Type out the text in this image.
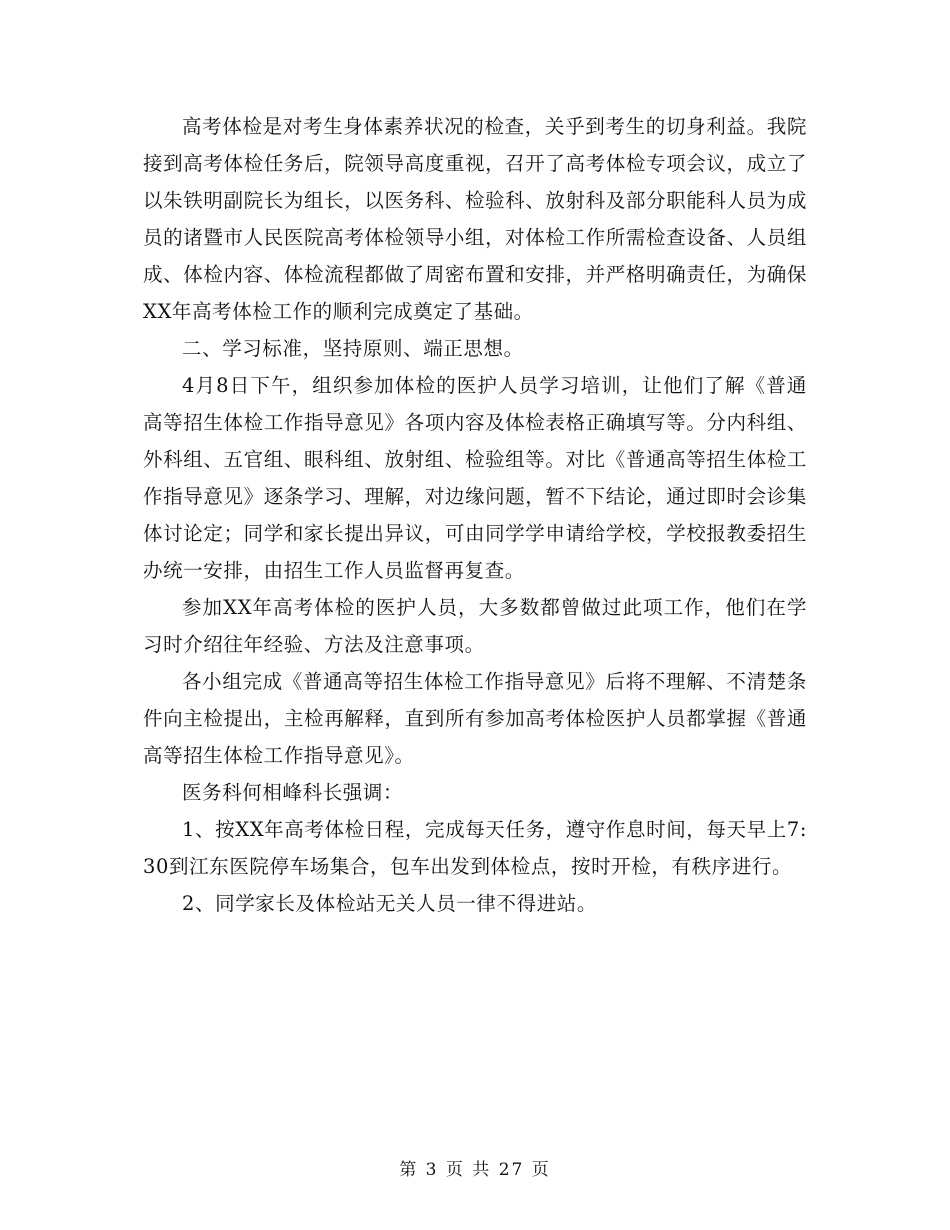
高考体检是对考生身体素养状况的检查，关乎到考生的切身利益。我院接到高考体检任务后，院领导高度重视，召开了高考体检专项会议，成立了以朱铁明副院长为组长，以医务科、检验科、放射科及部分职能科人员为成员的诸暨市人民医院高考体检领导小组，对体检工作所需检查设备、人员组成、体检内容、体检流程都做了周密布置和安排，并严格明确责任，为确保XX年高考体检工作的顺利完成奠定了基础。

二、学习标准，坚持原则、端正思想。

4月8日下午，组织参加体检的医护人员学习培训，让他们了解《普通高等招生体检工作指导意见》各项内容及体检表格正确填写等。分内科组、外科组、五官组、眼科组、放射组、检验组等。对比《普通高等招生体检工作指导意见》逐条学习、理解，对边缘问题，暂不下结论，通过即时会诊集体讨论定；同学和家长提出异议，可由同学学申请给学校，学校报教委招生办统一安排，由招生工作人员监督再复查。

参加XX年高考体检的医护人员，大多数都曾做过此项工作，他们在学习时介绍往年经验、方法及注意事项。

各小组完成《普通高等招生体检工作指导意见》后将不理解、不清楚条件向主检提出，主检再解释，直到所有参加高考体检医护人员都掌握《普通高等招生体检工作指导意见》。

医务科何相峰科长强调：

1、按XX年高考体检日程，完成每天任务，遵守作息时间，每天早上7:30到江东医院停车场集合，包车出发到体检点，按时开检，有秩序进行。

2、同学家长及体检站无关人员一律不得进站。

第 3 页 共 27 页
